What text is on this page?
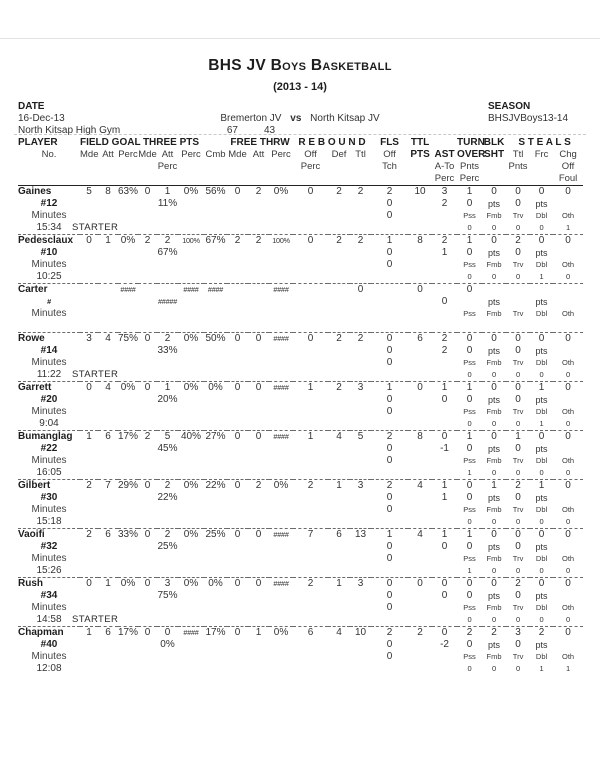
BHS JV Boys Basketball
(2013 - 14)
DATE
16-Dec-13
North Kitsap High Gym
Bremerton JV vs North Kitsap JV
67	43
SEASON
BHSJVBoys13-14
PLAYER	FIELD GOAL			THREE PTS				FREE THRW			R E B O U N D			FLS	TTL		TURN	BLK	S T E A L S		
No.	Mde	Att	Perc	Mde	Att	Perc	Cmb	Mde	Att	Perc	Off	Def	Ttl	Off	PTS	AST	OVER	SHT	Ttl	Frc	Chg
					Perc						Perc			Tch		A-To	Pnts		Pnts		Off
																Perc	Perc				Foul
Gaines	5	8	63%	0	1	0%	56%	0	2	0%	0	2	2	2	10	3	1	0	0	0	0
#12					11%									0		2	0	pts	0	pts	
Minutes														0			Pss	Fmb	Trv	Dbl	Oth
15:34	STARTER																0	0	0	0	1
Pedesclaux	0	1	0%	2	2	100%	67%	2	2	100%	0	2	2	1	8	2	1	0	2	0	0
#10					67%									0		1	0	pts	0	pts	
Minutes														0			Pss	Fmb	Trv	Dbl	Oth
10:25																	0	0	0	1	0
Carter			####			####	####			####			0		0		0				
#					#####											0		pts		pts	
Minutes																	Pss	Fmb	Trv	Dbl	Oth

Rowe	3	4	75%	0	2	0%	50%	0	0	####	0	2	2	0	6	2	0	0	0	0	0
#14					33%									0		2	0	pts	0	pts	
Minutes														0			Pss	Fmb	Trv	Dbl	Oth
11:22	STARTER																0	0	0	0	0
Garrett	0	4	0%	0	1	0%	0%	0	0	####	1	2	3	1	0	1	1	0	0	1	0
#20					20%									0		0	0	pts	0	pts	
Minutes														0			Pss	Fmb	Trv	Dbl	Oth
9:04																	0	0	0	1	0
Bumanglag	1	6	17%	2	5	40%	27%	0	0	####	1	4	5	2	8	0	1	0	1	0	0
#22					45%									0		-1	0	pts	0	pts	
Minutes														0			Pss	Fmb	Trv	Dbl	Oth
16:05																	1	0	0	0	0
Gilbert	2	7	29%	0	2	0%	22%	0	2	0%	2	1	3	2	4	1	0	1	2	1	0
#30					22%									0		1	0	pts	0	pts	
Minutes														0			Pss	Fmb	Trv	Dbl	Oth
15:18																	0	0	0	0	0
Vaoifi	2	6	33%	0	2	0%	25%	0	0	####	7	6	13	1	4	1	1	0	0	0	0
#32					25%									0		0	0	pts	0	pts	
Minutes														0			Pss	Fmb	Trv	Dbl	Oth
15:26																	1	0	0	0	0
Rush	0	1	0%	0	3	0%	0%	0	0	####	2	1	3	0	0	0	0	0	2	0	0
#34					75%									0		0	0	pts	0	pts	
Minutes														0			Pss	Fmb	Trv	Dbl	Oth
14:58	STARTER																0	0	0	0	0
Chapman	1	6	17%	0	0	####	17%	0	1	0%	6	4	10	2	2	0	2	2	3	2	0
#40					0%									0		-2	0	pts	0	pts	
Minutes														0			Pss	Fmb	Trv	Dbl	Oth
12:08																	0	0	0	1	1
